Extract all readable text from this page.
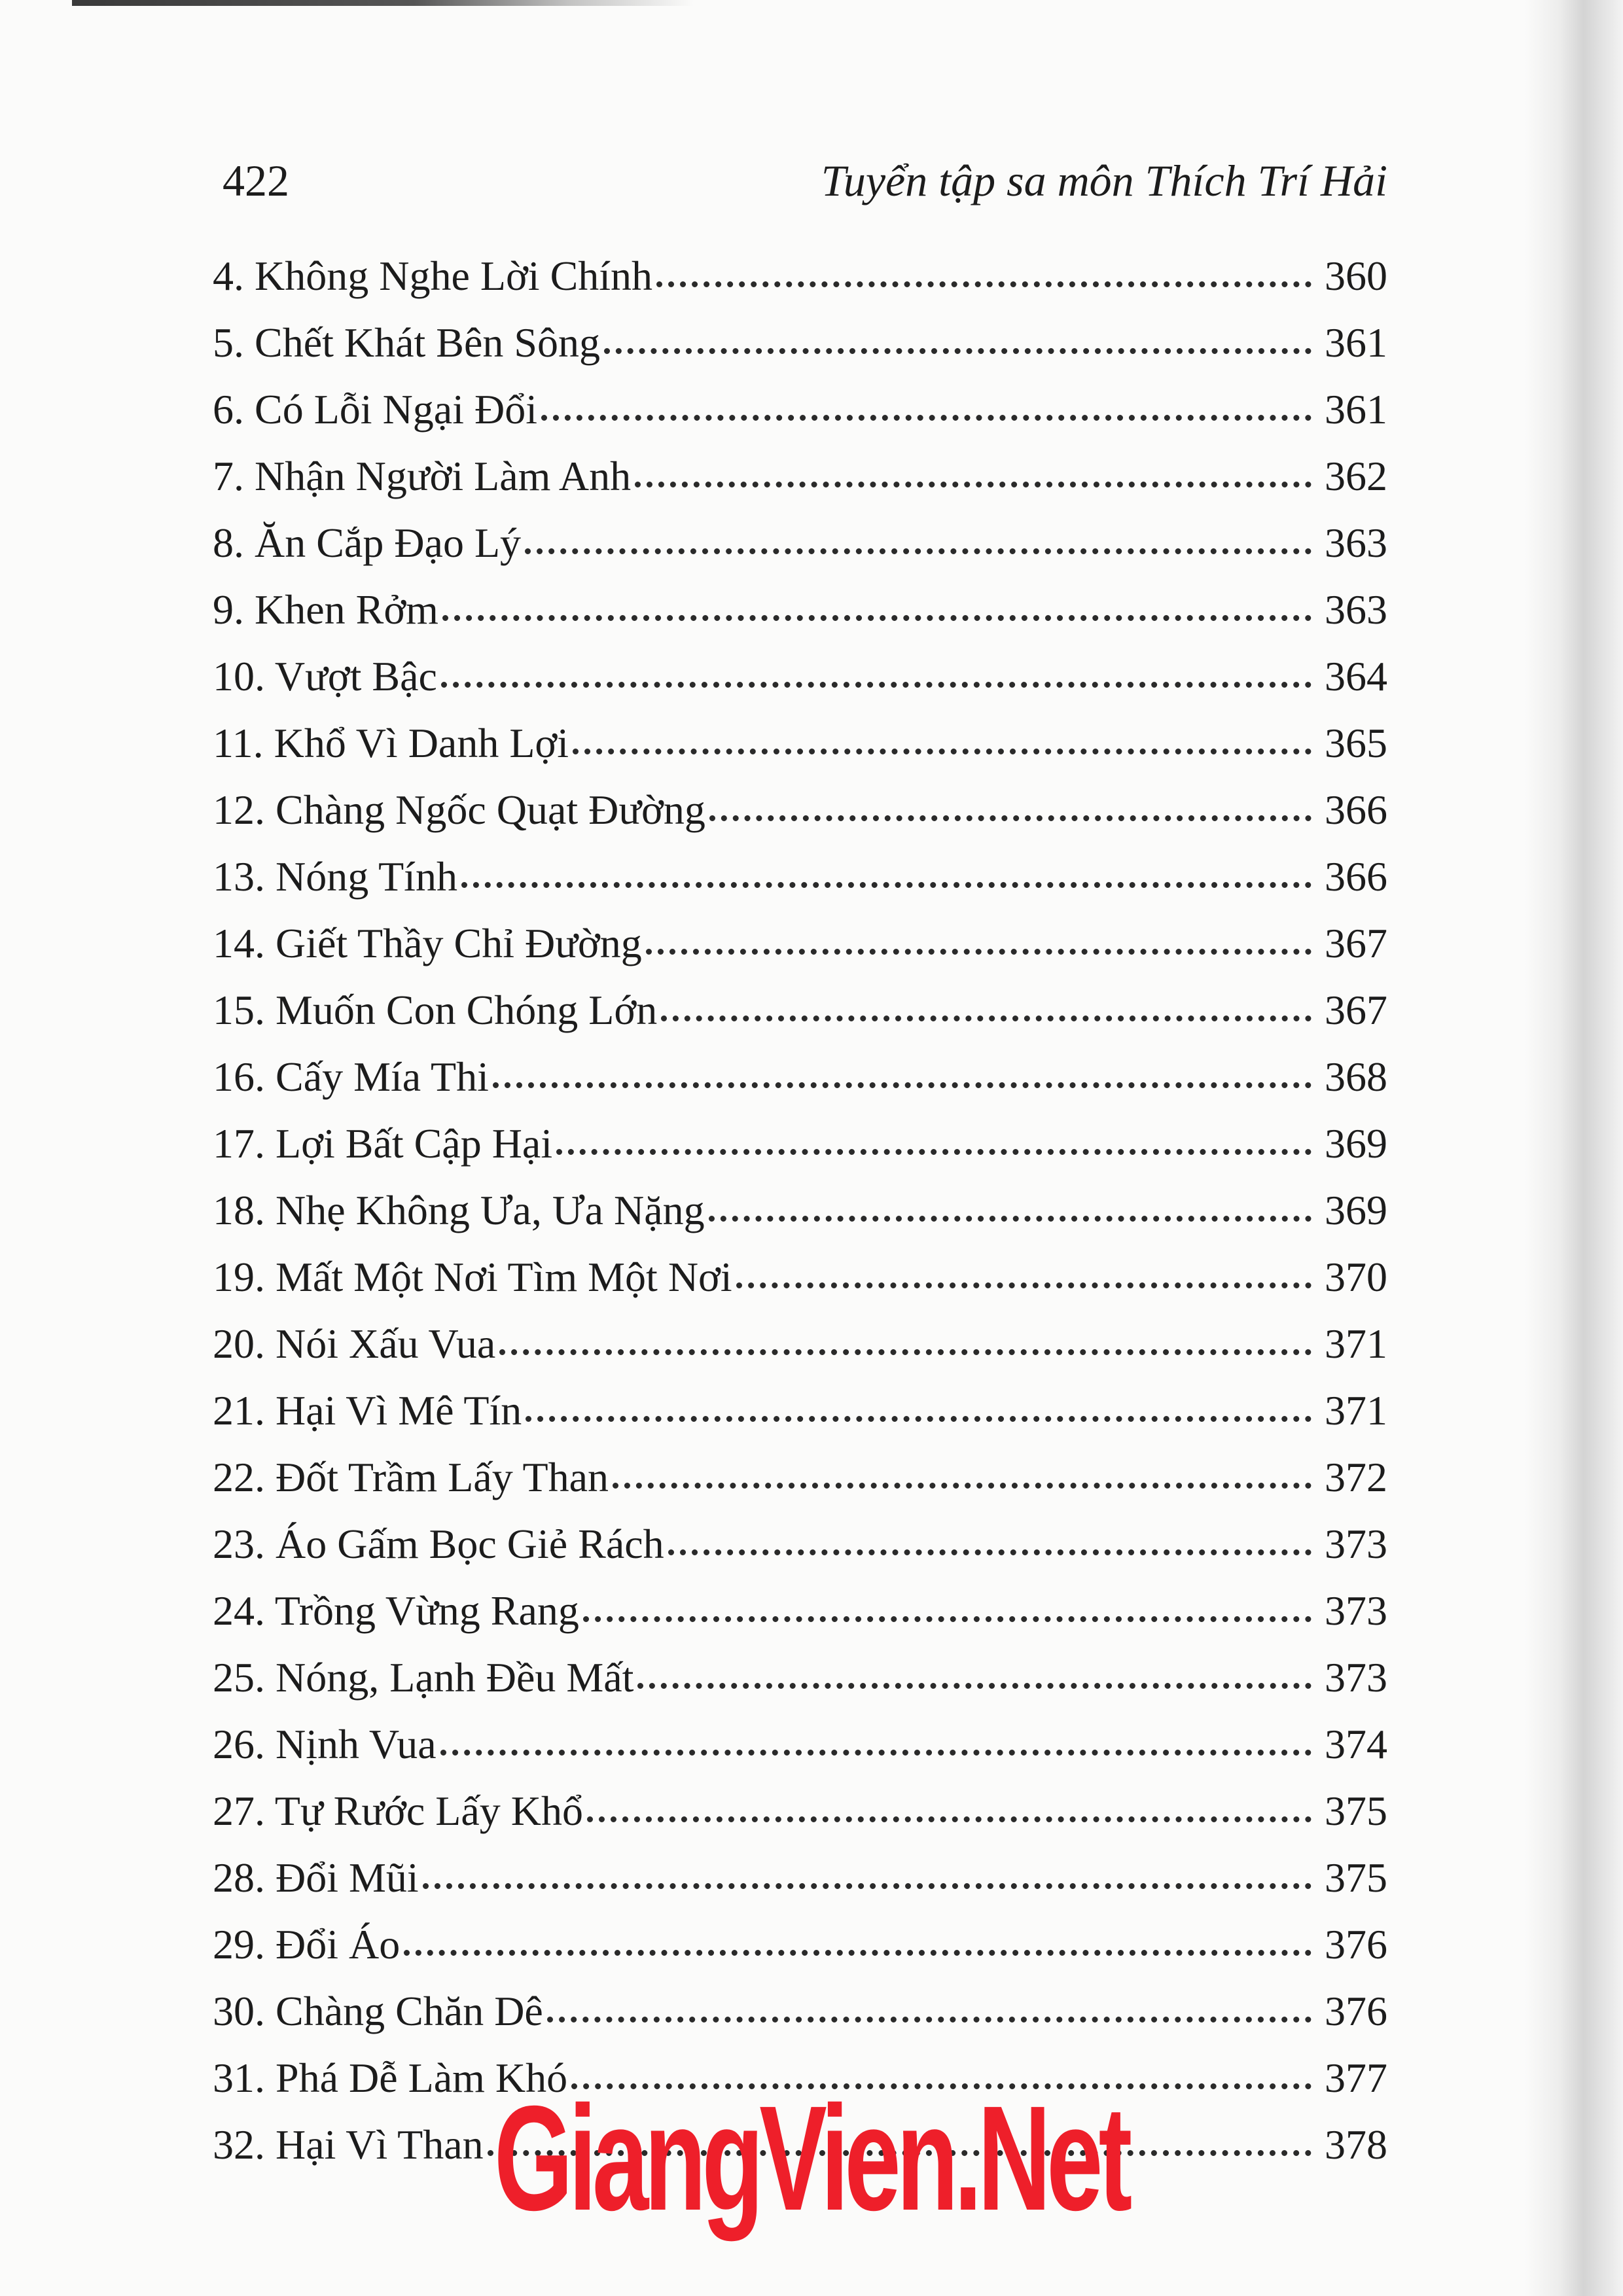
422	Tuyển tập sa môn Thích Trí Hải
4. Không Nghe Lời Chính	360
5. Chết Khát Bên Sông	361
6. Có Lỗi Ngại Đổi	361
7. Nhận Người Làm Anh	362
8. Ăn Cắp Đạo Lý	363
9. Khen Rởm	363
10. Vượt Bậc	364
11. Khổ Vì Danh Lợi	365
12. Chàng Ngốc Quạt Đường	366
13. Nóng Tính	366
14. Giết Thầy Chỉ Đường	367
15. Muốn Con Chóng Lớn	367
16. Cấy Mía Thi	368
17. Lợi Bất Cập Hại	369
18. Nhẹ Không Ưa, Ưa Nặng	369
19. Mất Một Nơi Tìm Một Nơi	370
20. Nói Xấu Vua	371
21. Hại Vì Mê Tín	371
22. Đốt Trầm Lấy Than	372
23. Áo Gấm Bọc Giẻ Rách	373
24. Trồng Vừng Rang	373
25. Nóng, Lạnh Đều Mất	373
26. Nịnh Vua	374
27. Tự Rước Lấy Khổ	375
28. Đổi Mũi	375
29. Đổi Áo	376
30. Chàng Chăn Dê	376
31. Phá Dễ Làm Khó	377
32. Hại Vì Than	378
GiangVien.Net
